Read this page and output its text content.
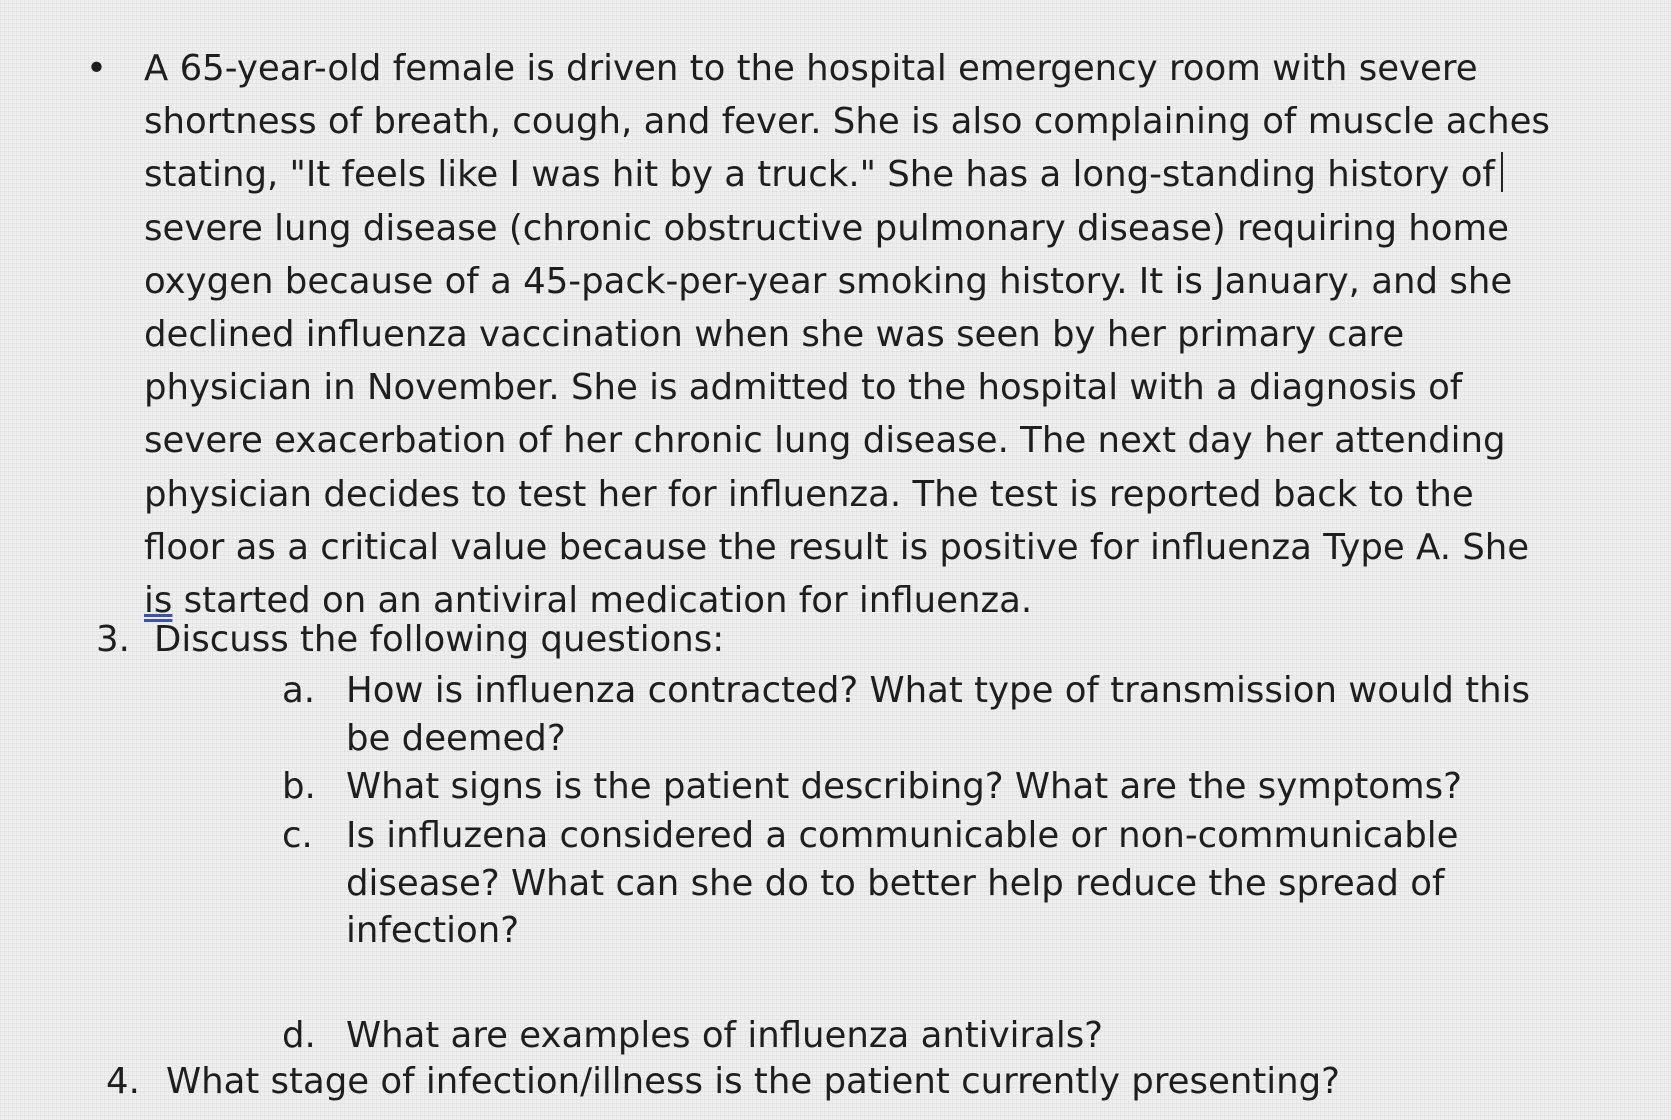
•	A 65-year-old female is driven to the hospital emergency room with severe
shortness of breath, cough, and fever. She is also complaining of muscle aches
stating, "It feels like I was hit by a truck." She has a long-standing history of
severe lung disease (chronic obstructive pulmonary disease) requiring home
oxygen because of a 45-pack-per-year smoking history. It is January, and she
declined influenza vaccination when she was seen by her primary care
physician in November. She is admitted to the hospital with a diagnosis of
severe exacerbation of her chronic lung disease. The next day her attending
physician decides to test her for influenza. The test is reported back to the
floor as a critical value because the result is positive for influenza Type A. She
is started on an antiviral medication for influenza.
3. Discuss the following questions:
a. How is influenza contracted? What type of transmission would this
be deemed?
b. What signs is the patient describing? What are the symptoms?
c. Is influzena considered a communicable or non-communicable
disease? What can she do to better help reduce the spread of
infection?
d. What are examples of influenza antivirals?
4. What stage of infection/illness is the patient currently presenting?
